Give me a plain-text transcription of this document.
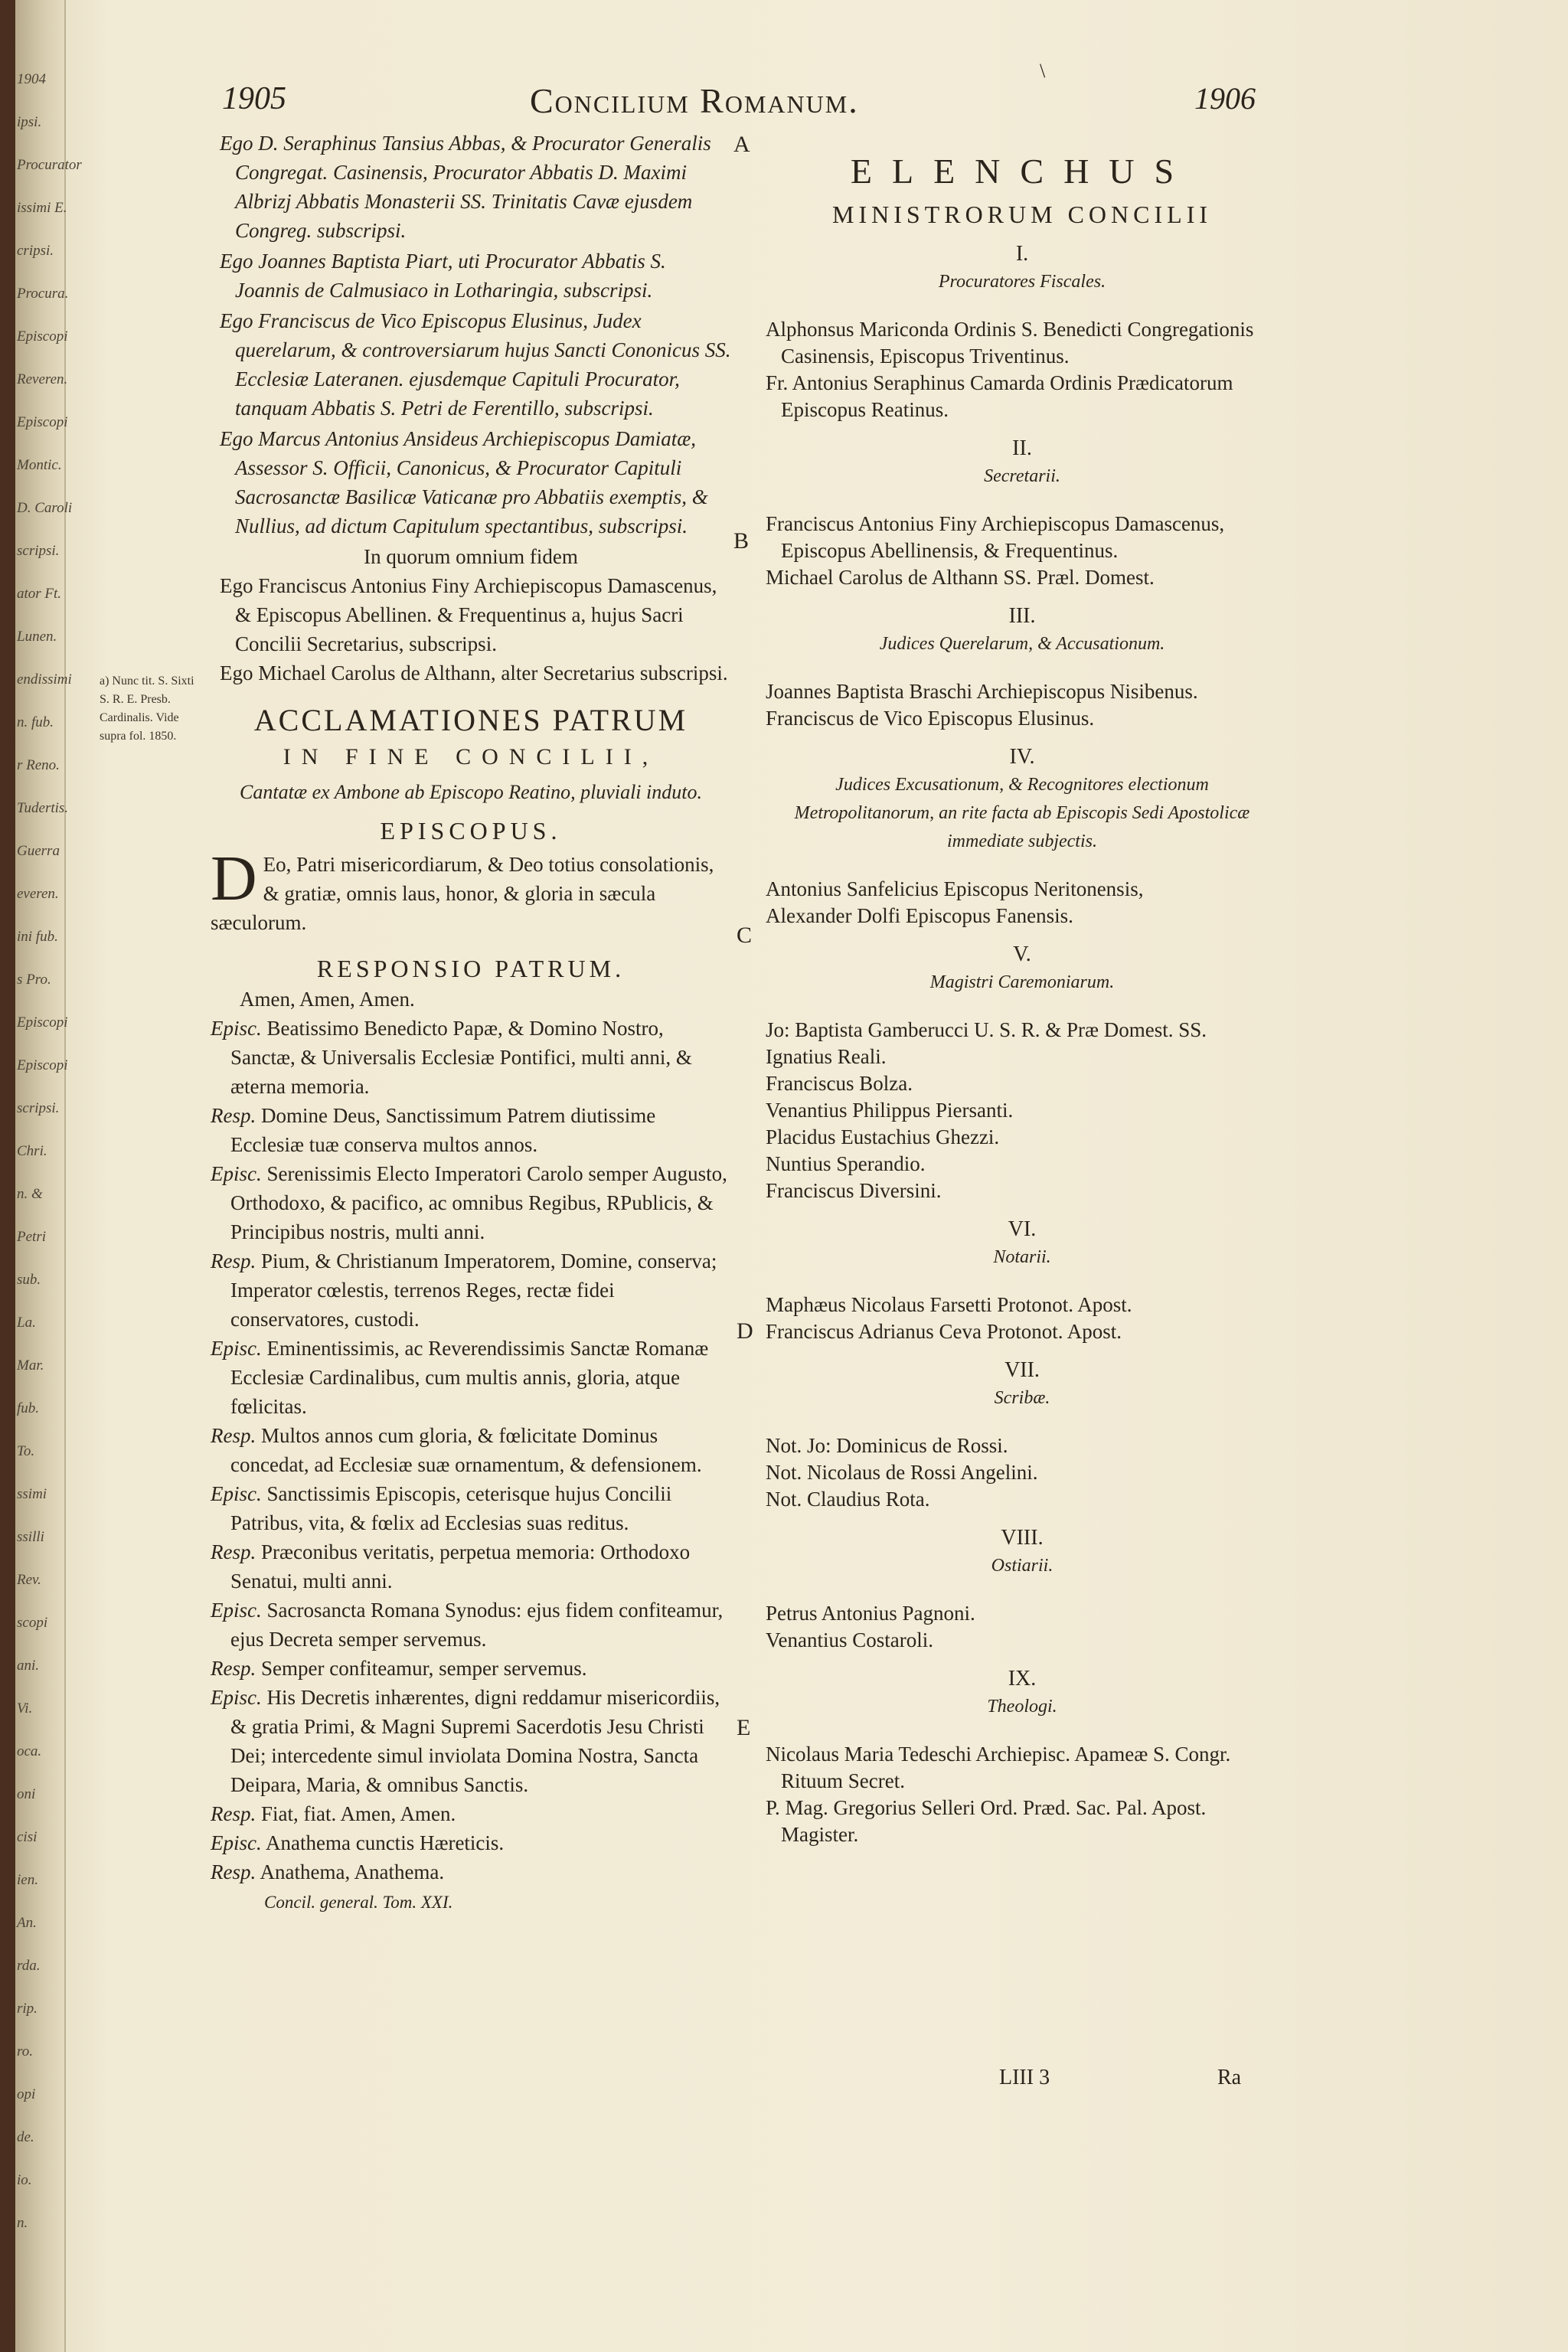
1904
ipsi.
Procurator
issimi E.
cripsi.
Procura.
Episcopi
Reveren.
Episcopi
Montic.
D. Caroli
scripsi.
ator Ft.
Lunen.
endissimi
n. fub.
r Reno.
Tudertis.
Guerra
everen.
ini fub.
s Pro.
Episcopi
Episcopi
scripsi.
Chri.
n. &
Petri
sub.
La.
Mar.
fub.
To.
ssimi
ssilli
Rev.
scopi
ani.
Vi.
oca.
oni
cisi
ien.
An.
rda.
rip.
ro.
opi
de.
io.
n.
\
1905	Concilium Romanum.	1906
A
B
C
D
E
a) Nunc tit. S. Sixti S. R. E. Presb. Cardinalis. Vide supra fol. 1850.
Ego D. Seraphinus Tansius Abbas, & Procurator Generalis Congregat. Casinensis, Procurator Abbatis D. Maximi Albrizj Abbatis Monasterii SS. Trinitatis Cavæ ejusdem Congreg. subscripsi.
Ego Joannes Baptista Piart, uti Procurator Abbatis S. Joannis de Calmusiaco in Lotharingia, subscripsi.
Ego Franciscus de Vico Episcopus Elusinus, Judex querelarum, & controversiarum hujus Sancti Cononicus SS. Ecclesiæ Lateranen. ejusdemque Capituli Procurator, tanquam Abbatis S. Petri de Ferentillo, subscripsi.
Ego Marcus Antonius Ansideus Archiepiscopus Damiatæ, Assessor S. Officii, Canonicus, & Procurator Capituli Sacrosanctæ Basilicæ Vaticanæ pro Abbatiis exemptis, & Nullius, ad dictum Capitulum spectantibus, subscripsi.
In quorum omnium fidem
Ego Franciscus Antonius Finy Archiepiscopus Damascenus, & Episcopus Abellinen. & Frequentinus a, hujus Sacri Concilii Secretarius, subscripsi.
Ego Michael Carolus de Althann, alter Secretarius subscripsi.
ACCLAMATIONES PATRUM
IN FINE CONCILII,
Cantatæ ex Ambone ab Episcopo Reatino, pluviali induto.
EPISCOPUS.
D Eo, Patri misericordiarum, & Deo totius consolationis, & gratiæ, omnis laus, honor, & gloria in sæcula sæculorum.
RESPONSIO PATRUM.
Amen, Amen, Amen.
Episc. Beatissimo Benedicto Papæ, & Domino Nostro, Sanctæ, & Universalis Ecclesiæ Pontifici, multi anni, & æterna memoria.
Resp. Domine Deus, Sanctissimum Patrem diutissime Ecclesiæ tuæ conserva multos annos.
Episc. Serenissimis Electo Imperatori Carolo semper Augusto, Orthodoxo, & pacifico, ac omnibus Regibus, RPublicis, & Principibus nostris, multi anni.
Resp. Pium, & Christianum Imperatorem, Domine, conserva; Imperator cœlestis, terrenos Reges, rectæ fidei conservatores, custodi.
Episc. Eminentissimis, ac Reverendissimis Sanctæ Romanæ Ecclesiæ Cardinalibus, cum multis annis, gloria, atque fœlicitas.
Resp. Multos annos cum gloria, & fœlicitate Dominus concedat, ad Ecclesiæ suæ ornamentum, & defensionem.
Episc. Sanctissimis Episcopis, ceterisque hujus Concilii Patribus, vita, & fœlix ad Ecclesias suas reditus.
Resp. Præconibus veritatis, perpetua memoria: Orthodoxo Senatui, multi anni.
Episc. Sacrosancta Romana Synodus: ejus fidem confiteamur, ejus Decreta semper servemus.
Resp. Semper confiteamur, semper servemus.
Episc. His Decretis inhærentes, digni reddamur misericordiis, & gratia Primi, & Magni Supremi Sacerdotis Jesu Christi Dei; intercedente simul inviolata Domina Nostra, Sancta Deipara, Maria, & omnibus Sanctis.
Resp. Fiat, fiat. Amen, Amen.
Episc. Anathema cunctis Hæreticis.
Resp. Anathema, Anathema.
Concil. general. Tom. XXI.
ELENCHUS
MINISTRORUM CONCILII
I.
Procuratores Fiscales.
Alphonsus Mariconda Ordinis S. Benedicti Congregationis Casinensis, Episcopus Triventinus.
Fr. Antonius Seraphinus Camarda Ordinis Prædicatorum Episcopus Reatinus.
II.
Secretarii.
Franciscus Antonius Finy Archiepiscopus Damascenus, Episcopus Abellinensis, & Frequentinus.
Michael Carolus de Althann SS. Præl. Domest.
III.
Judices Querelarum, & Accusationum.
Joannes Baptista Braschi Archiepiscopus Nisibenus.
Franciscus de Vico Episcopus Elusinus.
IV.
Judices Excusationum, & Recognitores electionum Metropolitanorum, an rite facta ab Episcopis Sedi Apostolicæ immediate subjectis.
Antonius Sanfelicius Episcopus Neritonensis,
Alexander Dolfi Episcopus Fanensis.
V.
Magistri Caremoniarum.
Jo: Baptista Gamberucci U. S. R. & Præ Domest. SS.
Ignatius Reali.
Franciscus Bolza.
Venantius Philippus Piersanti.
Placidus Eustachius Ghezzi.
Nuntius Sperandio.
Franciscus Diversini.
VI.
Notarii.
Maphæus Nicolaus Farsetti Protonot. Apost.
Franciscus Adrianus Ceva Protonot. Apost.
VII.
Scribæ.
Not. Jo: Dominicus de Rossi.
Not. Nicolaus de Rossi Angelini.
Not. Claudius Rota.
VIII.
Ostiarii.
Petrus Antonius Pagnoni.
Venantius Costaroli.
IX.
Theologi.
Nicolaus Maria Tedeschi Archiepisc. Apameæ S. Congr. Rituum Secret.
P. Mag. Gregorius Selleri Ord. Præd. Sac. Pal. Apost. Magister.
LIII 3	Ra
